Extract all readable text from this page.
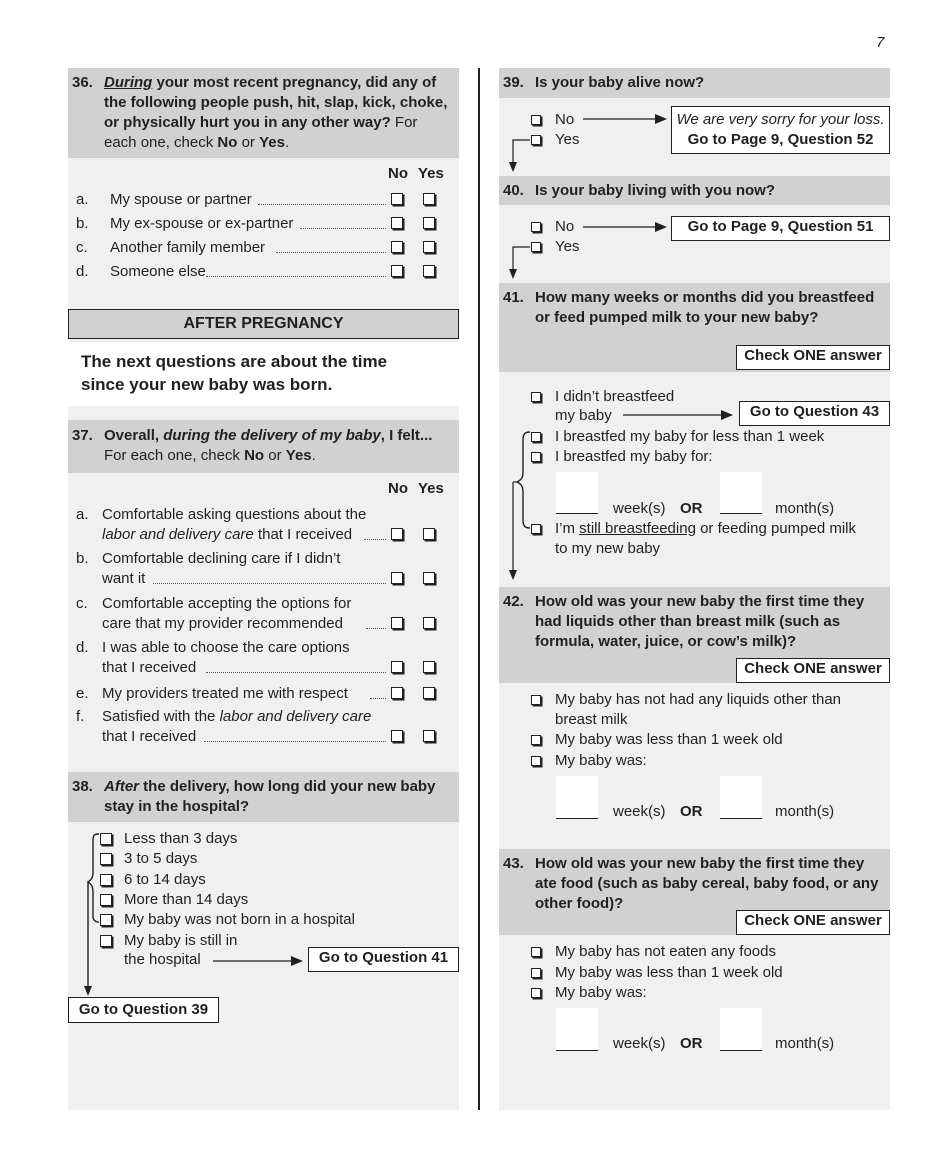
7
36. During your most recent pregnancy, did any of the following people push, hit, slap, kick, choke, or physically hurt you in any other way? For each one, check No or Yes.
No Yes
a.	My spouse or partner
b.	My ex-spouse or ex-partner
c.	Another family member
d.	Someone else
AFTER PREGNANCY
The next questions are about the time since your new baby was born.
37. Overall, during the delivery of my baby, I felt...
For each one, check No or Yes.
No Yes
a. Comfortable asking questions about the
labor and delivery care that I received
b. Comfortable declining care if I didn’t
want it
c. Comfortable accepting the options for
care that my provider recommended
d. I was able to choose the care options
that I received
e. My providers treated me with respect
f. Satisfied with the labor and delivery care
that I received
38. After the delivery, how long did your new baby stay in the hospital?
Less than 3 days
3 to 5 days
6 to 14 days
More than 14 days
My baby was not born in a hospital
My baby is still in
the hospital	Go to Question 41
Go to Question 39
39. Is your baby alive now?
No
Yes
We are very sorry for your loss.
Go to Page 9, Question 52
40. Is your baby living with you now?
No
Yes
Go to Page 9, Question 51
41. How many weeks or months did you breastfeed or feed pumped milk to your new baby?
Check ONE answer
I didn’t breastfeed
my baby	Go to Question 43
I breastfed my baby for less than 1 week
I breastfed my baby for:
week(s) OR	month(s)
I’m still breastfeeding or feeding pumped milk
to my new baby
42. How old was your new baby the first time they had liquids other than breast milk (such as formula, water, juice, or cow’s milk)?
Check ONE answer
My baby has not had any liquids other than
breast milk
My baby was less than 1 week old
My baby was:
week(s) OR	month(s)
43. How old was your new baby the first time they ate food (such as baby cereal, baby food, or any other food)?
Check ONE answer
My baby has not eaten any foods
My baby was less than 1 week old
My baby was:
week(s) OR	month(s)
